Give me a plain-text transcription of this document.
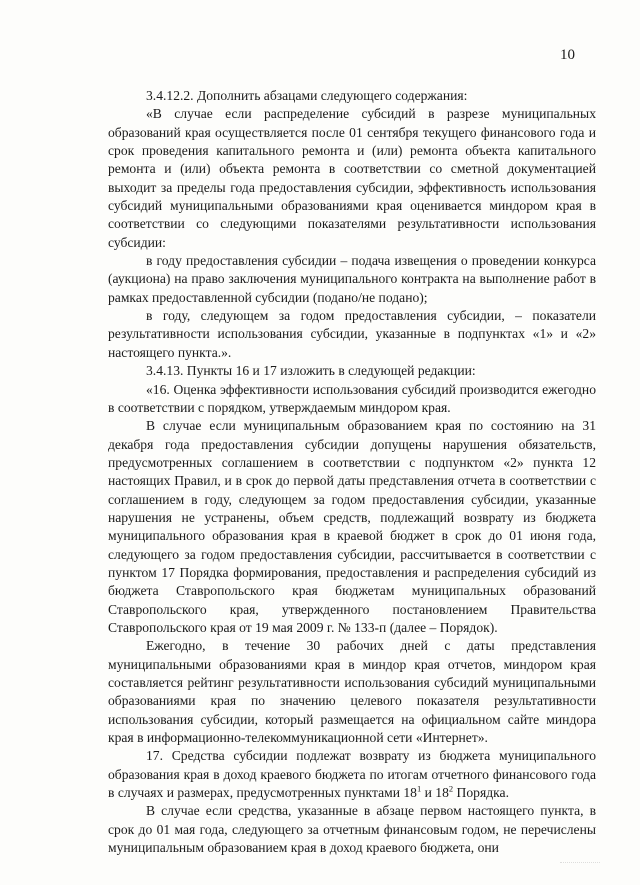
10

3.4.12.2. Дополнить абзацами следующего содержания:

«В случае если распределение субсидий в разрезе муниципальных образований края осуществляется после 01 сентября текущего финансового года и срок проведения капитального ремонта и (или) ремонта объекта капитального ремонта и (или) объекта ремонта в соответствии со сметной документацией выходит за пределы года предоставления субсидии, эффективность использования субсидий муниципальными образованиями края оценивается миндором края в соответствии со следующими показателями результативности использования субсидии:

в году предоставления субсидии – подача извещения о проведении конкурса (аукциона) на право заключения муниципального контракта на выполнение работ в рамках предоставленной субсидии (подано/не подано);

в году, следующем за годом предоставления субсидии, – показатели результативности использования субсидии, указанные в подпунктах «1» и «2» настоящего пункта.».

3.4.13. Пункты 16 и 17 изложить в следующей редакции:

«16. Оценка эффективности использования субсидий производится ежегодно в соответствии с порядком, утверждаемым миндором края.

В случае если муниципальным образованием края по состоянию на 31 декабря года предоставления субсидии допущены нарушения обязательств, предусмотренных соглашением в соответствии с подпунктом «2» пункта 12 настоящих Правил, и в срок до первой даты представления отчета в соответствии с соглашением в году, следующем за годом предоставления субсидии, указанные нарушения не устранены, объем средств, подлежащий возврату из бюджета муниципального образования края в краевой бюджет в срок до 01 июня года, следующего за годом предоставления субсидии, рассчитывается в соответствии с пунктом 17 Порядка формирования, предоставления и распределения субсидий из бюджета Ставропольского края бюджетам муниципальных образований Ставропольского края, утвержденного постановлением Правительства Ставропольского края от 19 мая 2009 г. № 133-п (далее – Порядок).

Ежегодно, в течение 30 рабочих дней с даты представления муниципальными образованиями края в миндор края отчетов, миндором края составляется рейтинг результативности использования субсидий муниципальными образованиями края по значению целевого показателя результативности использования субсидии, который размещается на официальном сайте миндора края в информационно-телекоммуникационной сети «Интернет».

17. Средства субсидии подлежат возврату из бюджета муниципального образования края в доход краевого бюджета по итогам отчетного финансового года в случаях и размерах, предусмотренных пунктами $18^1$ и $18^2$ Порядка.

В случае если средства, указанные в абзаце первом настоящего пункта, в срок до 01 мая года, следующего за отчетным финансовым годом, не перечислены муниципальным образованием края в доход краевого бюджета, они
